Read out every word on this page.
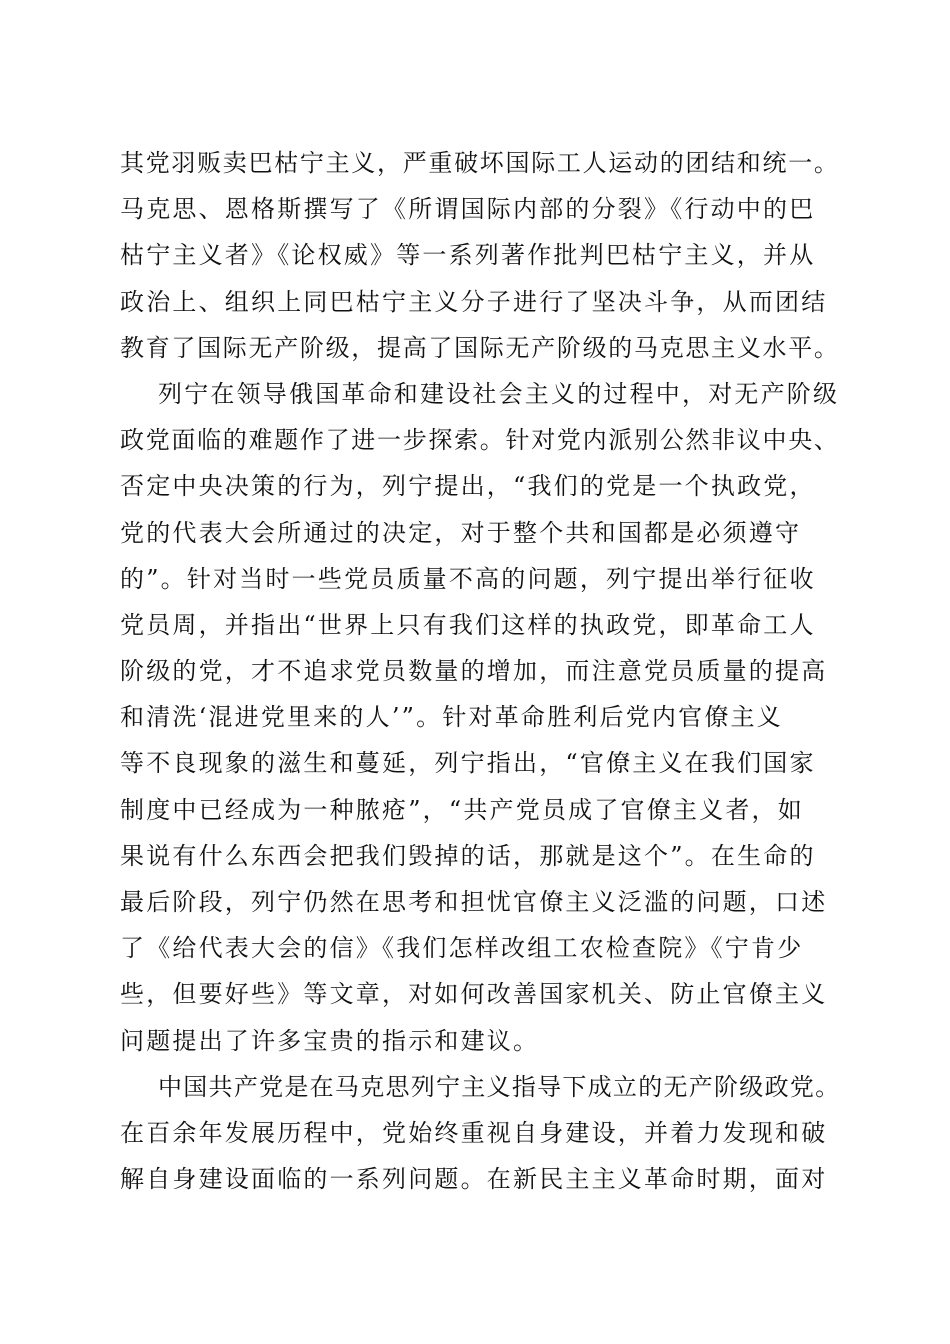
其党羽贩卖巴枯宁主义，严重破坏国际工人运动的团结和统一。
马克思、恩格斯撰写了《所谓国际内部的分裂》《行动中的巴
枯宁主义者》《论权威》等一系列著作批判巴枯宁主义，并从
政治上、组织上同巴枯宁主义分子进行了坚决斗争，从而团结
教育了国际无产阶级，提高了国际无产阶级的马克思主义水平。
列宁在领导俄国革命和建设社会主义的过程中，对无产阶级
政党面临的难题作了进一步探索。针对党内派别公然非议中央、
否定中央决策的行为，列宁提出，“我们的党是一个执政党，
党的代表大会所通过的决定，对于整个共和国都是必须遵守
的”。针对当时一些党员质量不高的问题，列宁提出举行征收
党员周，并指出“世界上只有我们这样的执政党，即革命工人
阶级的党，才不追求党员数量的增加，而注意党员质量的提高
和清洗‘混进党里来的人’”。针对革命胜利后党内官僚主义
等不良现象的滋生和蔓延，列宁指出，“官僚主义在我们国家
制度中已经成为一种脓疮”，“共产党员成了官僚主义者，如
果说有什么东西会把我们毁掉的话，那就是这个”。在生命的
最后阶段，列宁仍然在思考和担忧官僚主义泛滥的问题，口述
了《给代表大会的信》《我们怎样改组工农检查院》《宁肯少
些，但要好些》等文章，对如何改善国家机关、防止官僚主义
问题提出了许多宝贵的指示和建议。
中国共产党是在马克思列宁主义指导下成立的无产阶级政党。
在百余年发展历程中，党始终重视自身建设，并着力发现和破
解自身建设面临的一系列问题。在新民主主义革命时期，面对
